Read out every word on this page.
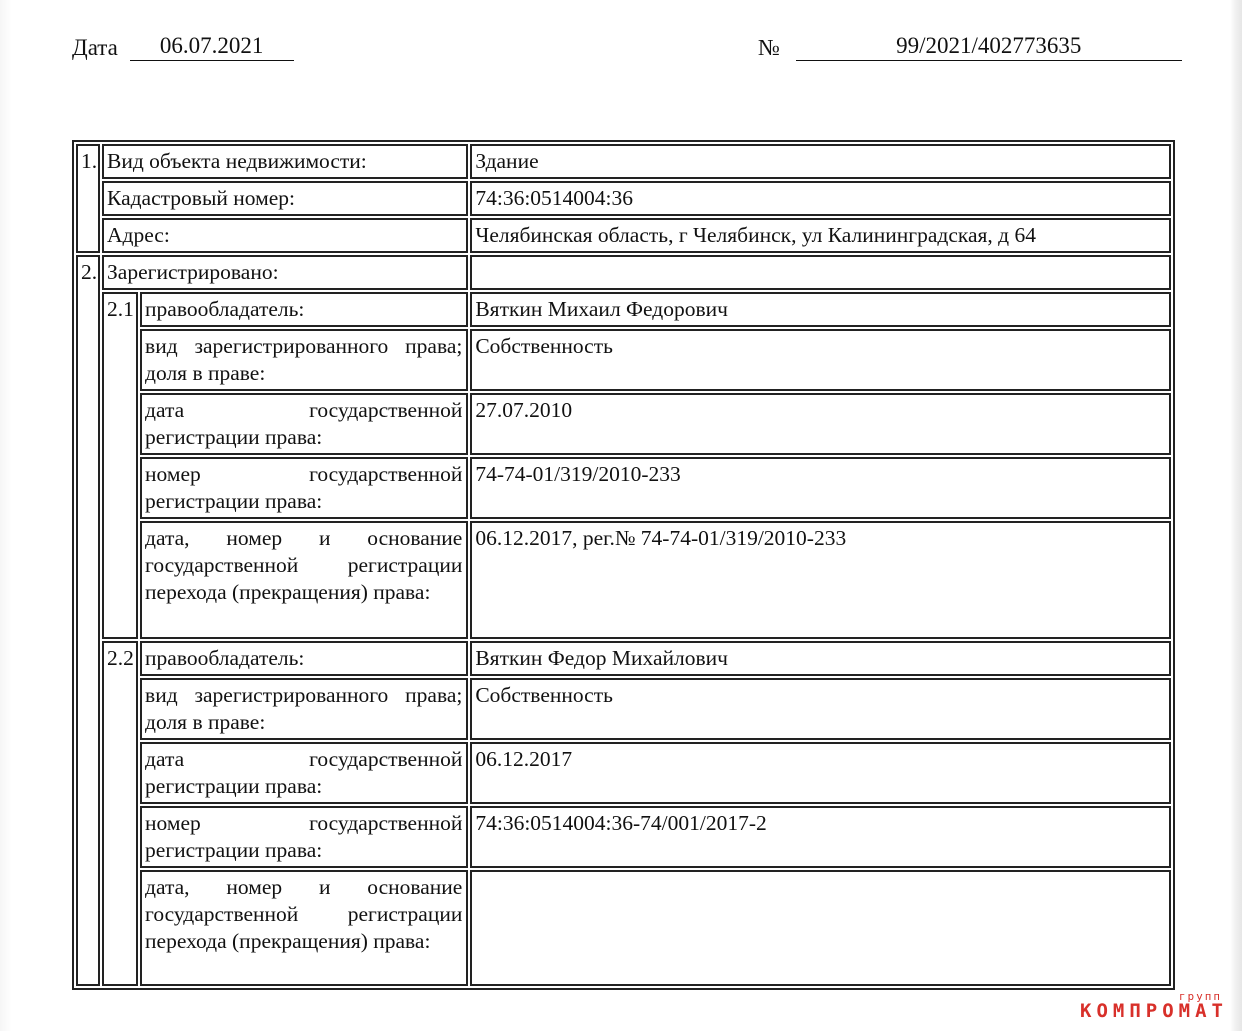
Дата 06.07.2021	№	99/2021/402773635
1.	Вид объекта недвижимости:		Здание
	Кадастровый номер:		74:36:0514004:36
	Адрес:		Челябинская область, г Челябинск, ул Калининградская, д 64
2.	Зарегистрировано:		
	2.1	правообладатель:	Вяткин Михаил Федорович
		вид зарегистрированного права; доля в праве:	Собственность
		дата государственной регистрации права:	27.07.2010
		номер государственной регистрации права:	74-74-01/319/2010-233
		дата, номер и основание государственной регистрации перехода (прекращения) права:	06.12.2017, рег.№ 74-74-01/319/2010-233
	2.2	правообладатель:	Вяткин Федор Михайлович
		вид зарегистрированного права; доля в праве:	Собственность
		дата государственной регистрации права:	06.12.2017
		номер государственной регистрации права:	74:36:0514004:36-74/001/2017-2
		дата, номер и основание государственной регистрации перехода (прекращения) права:	
групп
КОМПРОМАТ
